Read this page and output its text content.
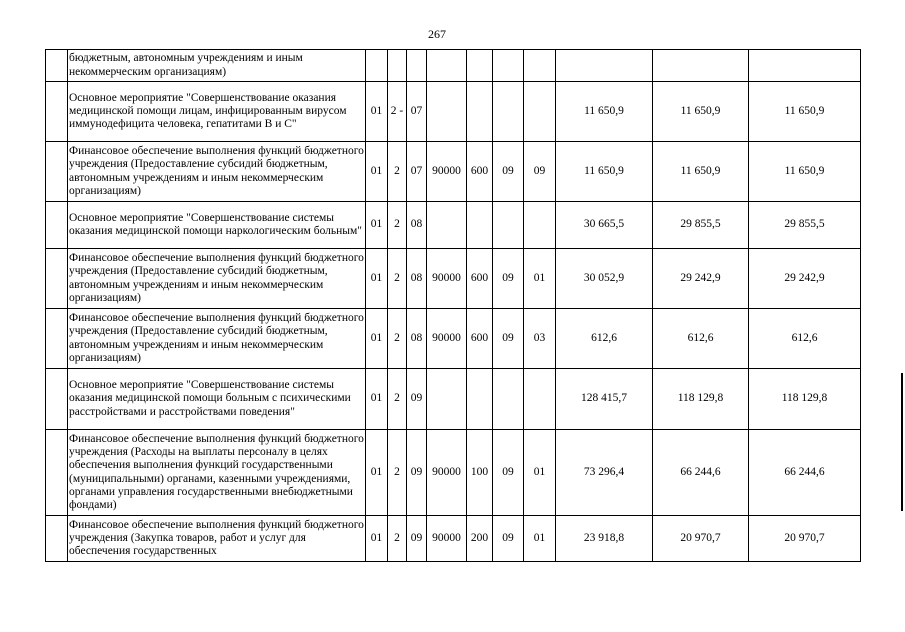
267
	бюджетным, автономным учреждениям и иным некоммерческим организациям)										
	Основное мероприятие "Совершенствование оказания медицинской помощи лицам, инфицированным вирусом иммунодефицита человека, гепатитами В и С"	01	2 -	07					11 650,9	11 650,9	11 650,9
	Финансовое обеспечение выполнения функций бюджетного учреждения (Предоставление субсидий бюджетным, автономным учреждениям и иным некоммерческим организациям)	01	2	07	90000	600	09	09	11 650,9	11 650,9	11 650,9
	Основное мероприятие "Совершенствование системы оказания медицинской помощи наркологическим больным"	01	2	08					30 665,5	29 855,5	29 855,5
	Финансовое обеспечение выполнения функций бюджетного учреждения (Предоставление субсидий бюджетным, автономным учреждениям и иным некоммерческим организациям)	01	2	08	90000	600	09	01	30 052,9	29 242,9	29 242,9
	Финансовое обеспечение выполнения функций бюджетного учреждения (Предоставление субсидий бюджетным, автономным учреждениям и иным некоммерческим организациям)	01	2	08	90000	600	09	03	612,6	612,6	612,6
	Основное мероприятие "Совершенствование системы оказания медицинской помощи больным с психическими расстройствами и расстройствами поведения"	01	2	09					128 415,7	118 129,8	118 129,8
	Финансовое обеспечение выполнения функций бюджетного учреждения (Расходы на выплаты персоналу в целях обеспечения выполнения функций государственными (муниципальными) органами, казенными учреждениями, органами управления государственными внебюджетными фондами)	01	2	09	90000	100	09	01	73 296,4	66 244,6	66 244,6
	Финансовое обеспечение выполнения функций бюджетного учреждения (Закупка товаров, работ и услуг для обеспечения государственных	01	2	09	90000	200	09	01	23 918,8	20 970,7	20 970,7
